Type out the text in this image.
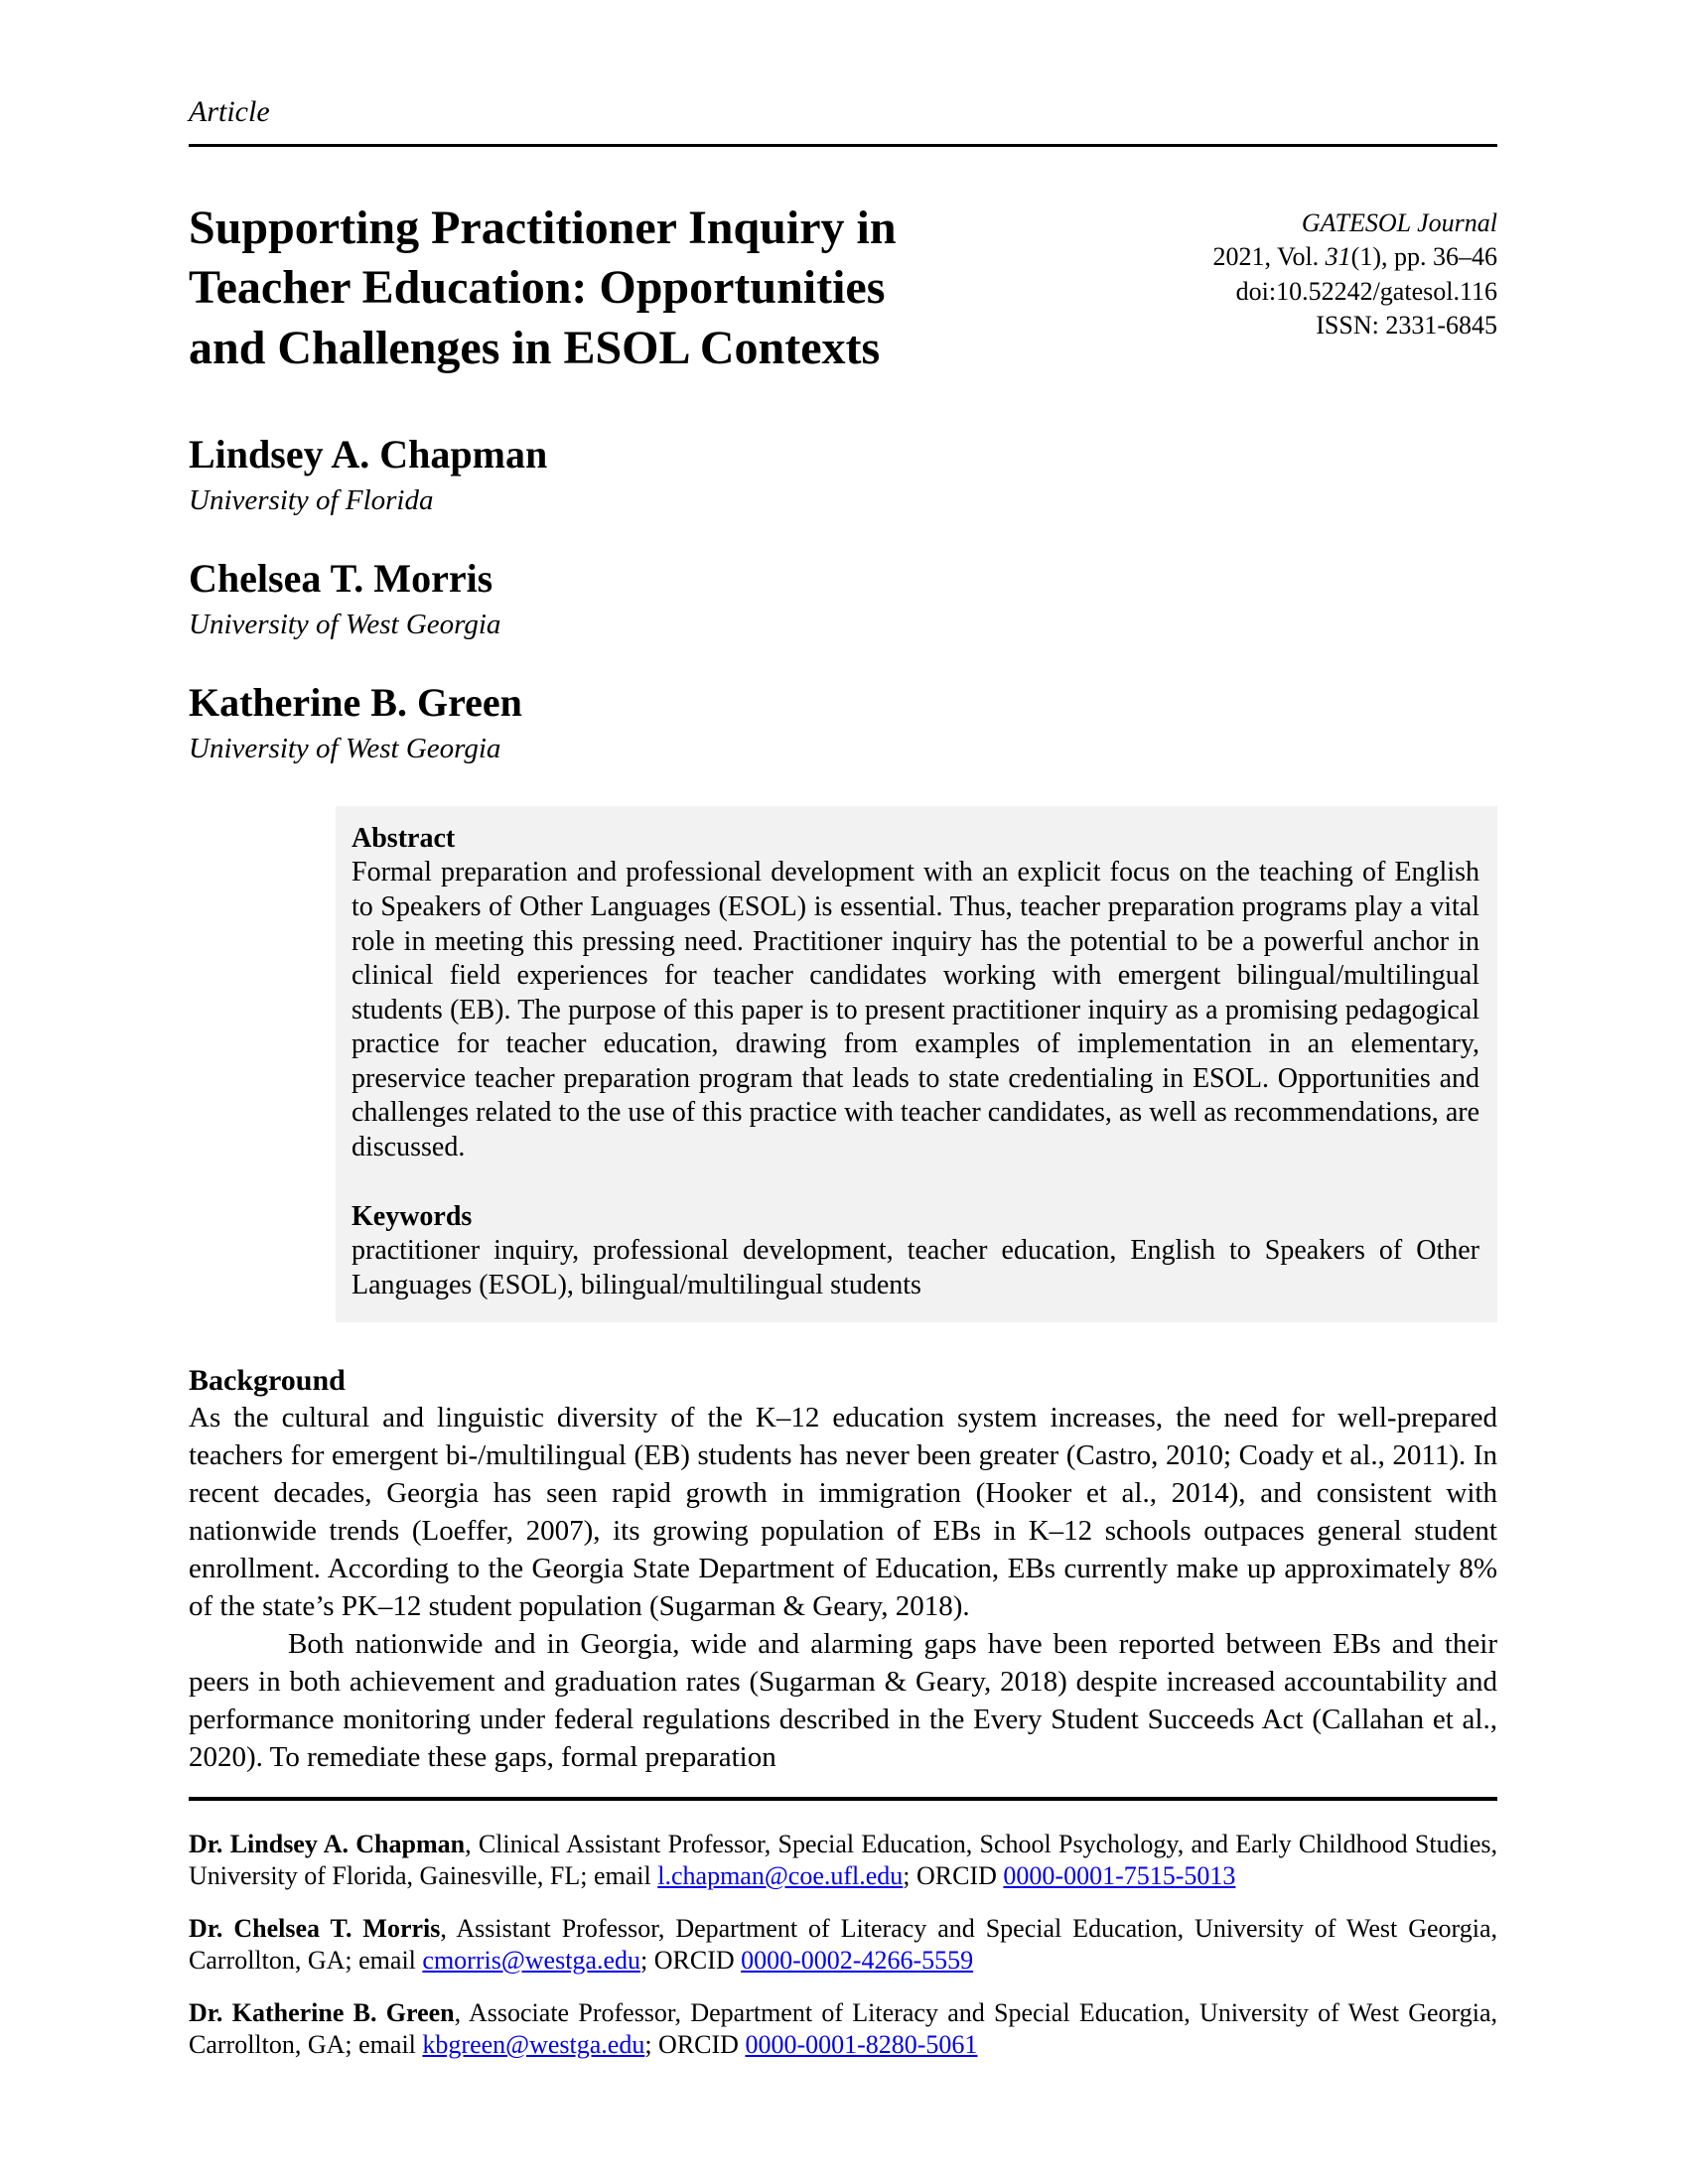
Article
Supporting Practitioner Inquiry in
Teacher Education: Opportunities
and Challenges in ESOL Contexts
GATESOL Journal
2021, Vol. 31(1), pp. 36–46
doi:10.52242/gatesol.116
ISSN: 2331-6845
Lindsey A. Chapman
University of Florida
Chelsea T. Morris
University of West Georgia
Katherine B. Green
University of West Georgia
Abstract

Formal preparation and professional development with an explicit focus on the teaching of English to Speakers of Other Languages (ESOL) is essential. Thus, teacher preparation programs play a vital role in meeting this pressing need. Practitioner inquiry has the potential to be a powerful anchor in clinical field experiences for teacher candidates working with emergent bilingual/multilingual students (EB). The purpose of this paper is to present practitioner inquiry as a promising pedagogical practice for teacher education, drawing from examples of implementation in an elementary, preservice teacher preparation program that leads to state credentialing in ESOL. Opportunities and challenges related to the use of this practice with teacher candidates, as well as recommendations, are discussed.

Keywords

practitioner inquiry, professional development, teacher education, English to Speakers of Other Languages (ESOL), bilingual/multilingual students

Background

As the cultural and linguistic diversity of the K–12 education system increases, the need for well-prepared teachers for emergent bi-/multilingual (EB) students has never been greater (Castro, 2010; Coady et al., 2011). In recent decades, Georgia has seen rapid growth in immigration (Hooker et al., 2014), and consistent with nationwide trends (Loeffer, 2007), its growing population of EBs in K–12 schools outpaces general student enrollment. According to the Georgia State Department of Education, EBs currently make up approximately 8% of the state’s PK–12 student population (Sugarman & Geary, 2018).

Both nationwide and in Georgia, wide and alarming gaps have been reported between EBs and their peers in both achievement and graduation rates (Sugarman & Geary, 2018) despite increased accountability and performance monitoring under federal regulations described in the Every Student Succeeds Act (Callahan et al., 2020). To remediate these gaps, formal preparation

Dr. Lindsey A. Chapman, Clinical Assistant Professor, Special Education, School Psychology, and Early Childhood Studies, University of Florida, Gainesville, FL; email l.chapman@coe.ufl.edu; ORCID 0000-0001-7515-5013

Dr. Chelsea T. Morris, Assistant Professor, Department of Literacy and Special Education, University of West Georgia, Carrollton, GA; email cmorris@westga.edu; ORCID 0000-0002-4266-5559

Dr. Katherine B. Green, Associate Professor, Department of Literacy and Special Education, University of West Georgia, Carrollton, GA; email kbgreen@westga.edu; ORCID 0000-0001-8280-5061
